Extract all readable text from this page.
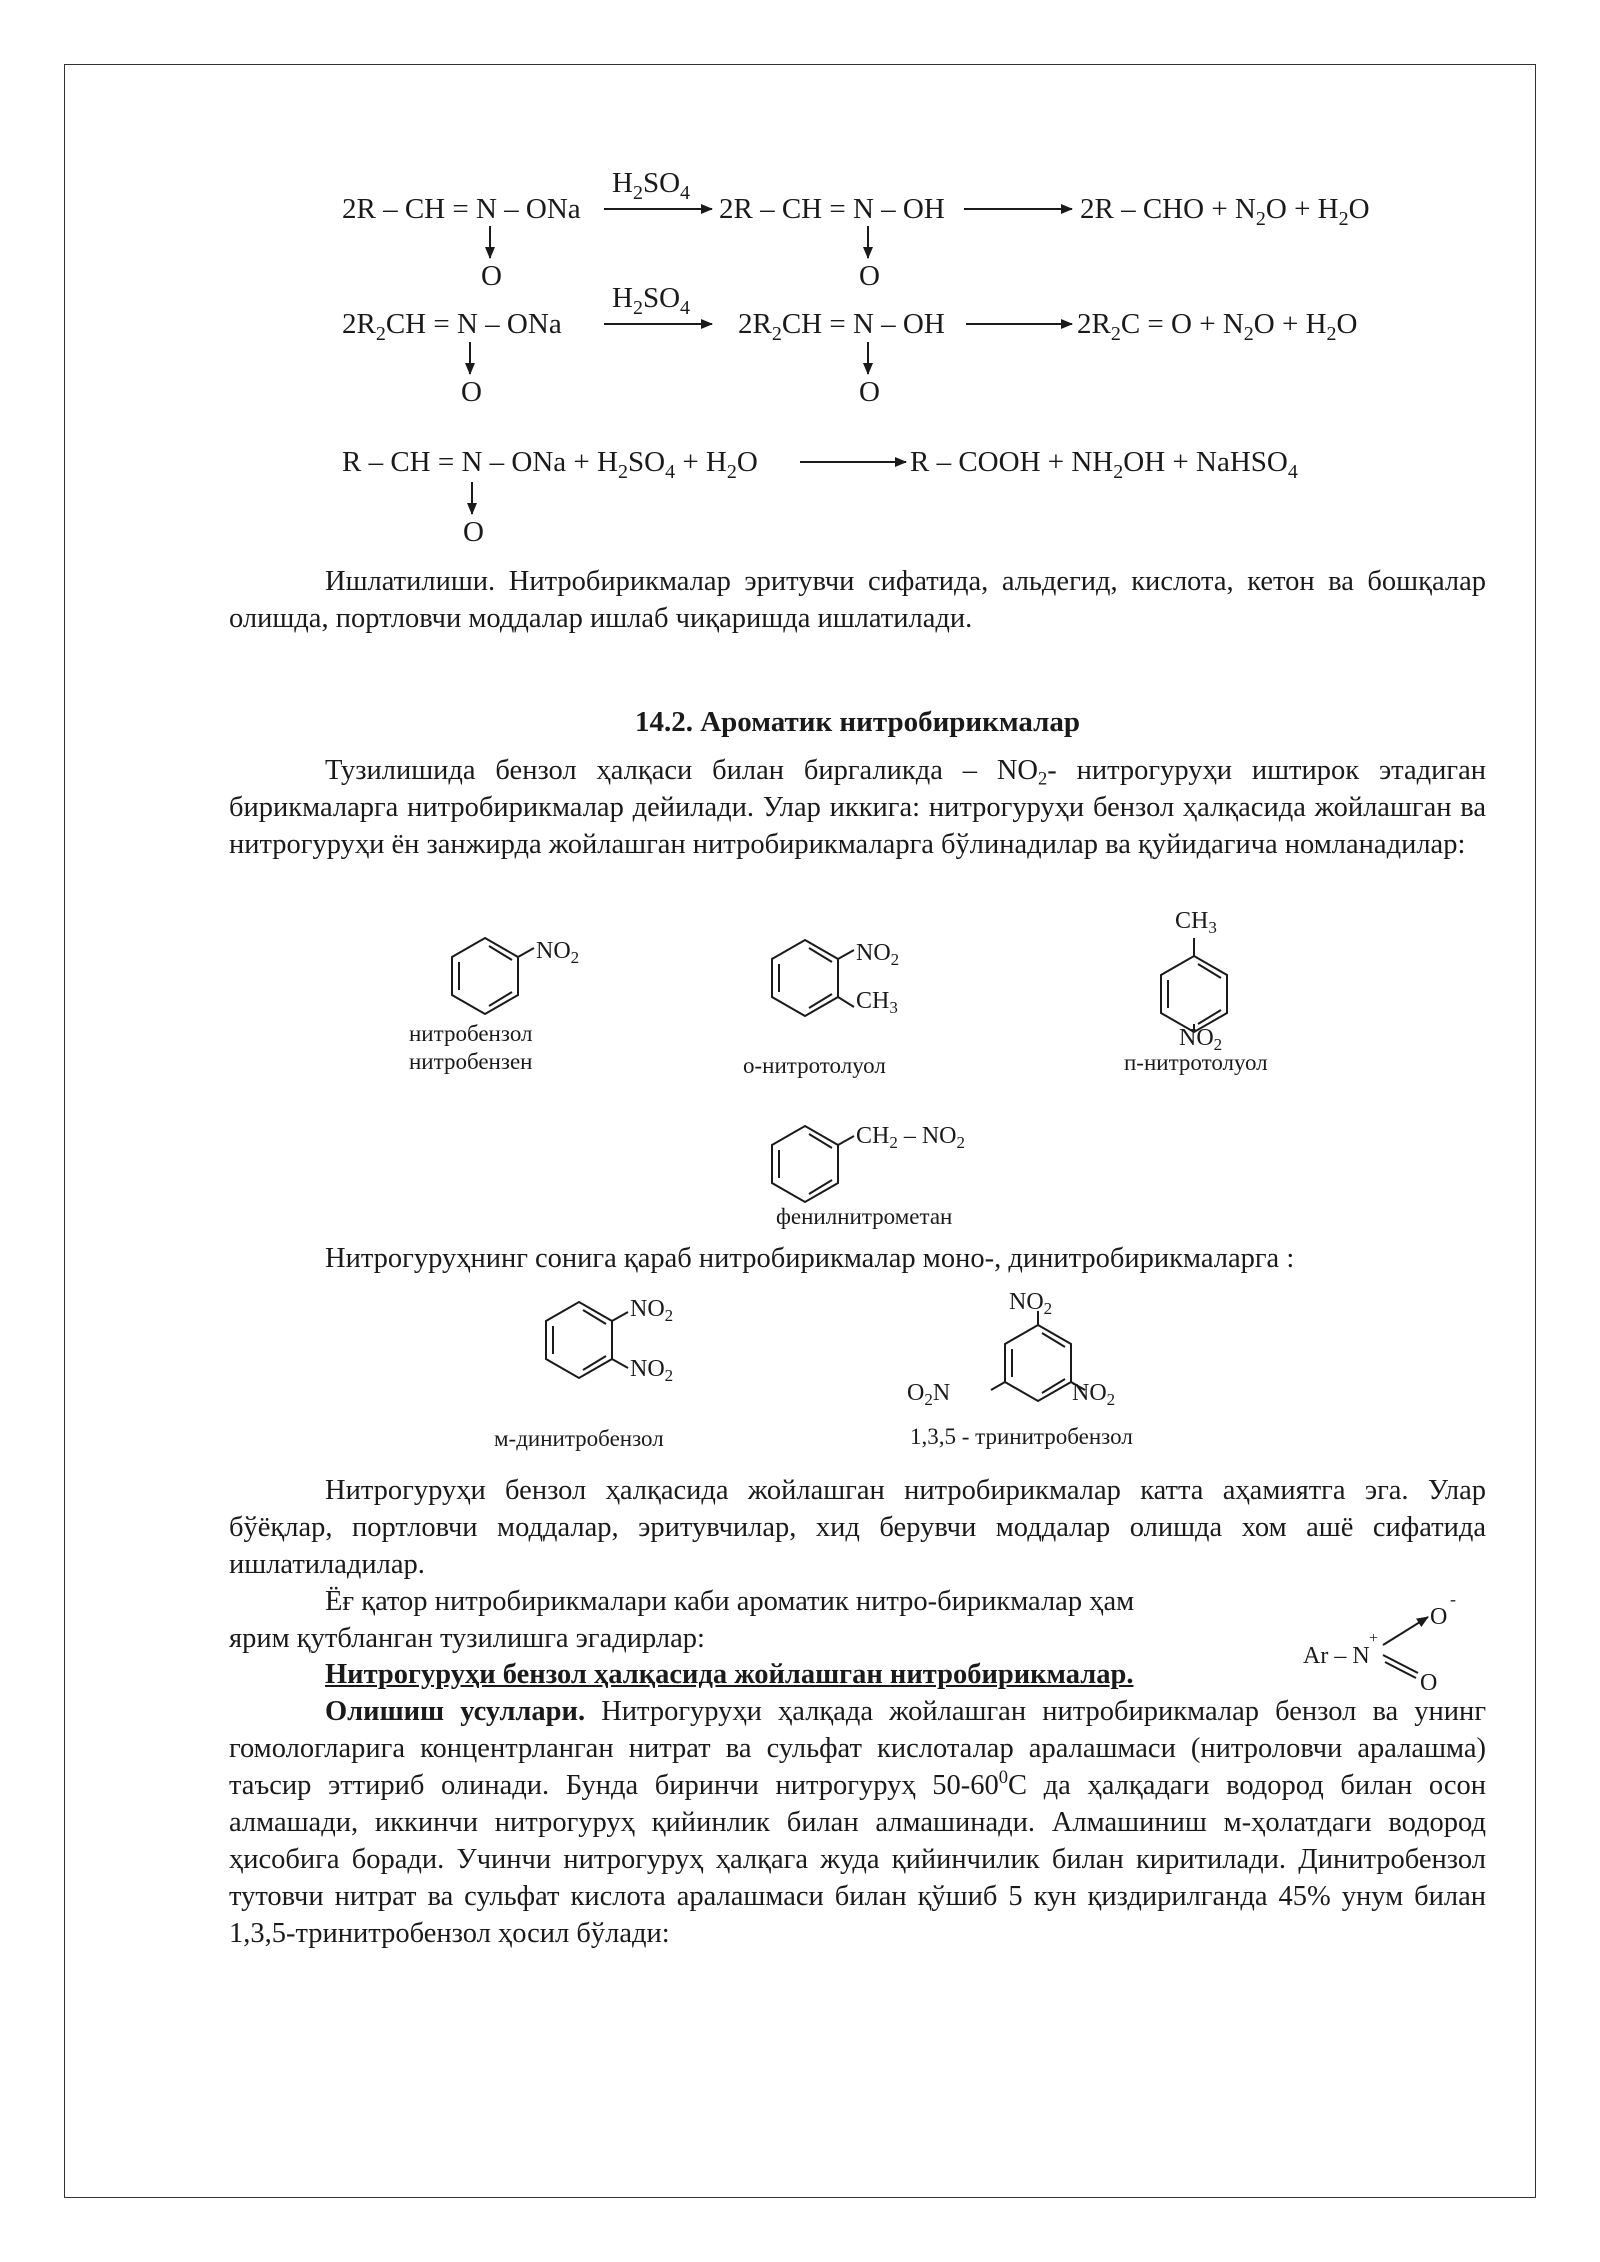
2R – CH = N – ONa
$H_2SO_4$ 2R – CH = N – OH	2R – CHO + $N_2O + H_2O$
O	O
$2R_2CH = N$ – ONa
$H_2SO_4$ $2R_2CH = N$ – OH	$2R_2C = O + N_2O + H_2O$
O	O
R – CH = N – ONa + $H_2SO_4 + H_2O$	R – COOH + $NH_2OH$ + NaHSO$_4$
O

Ишлатилиши. Нитробирикмалар эритувчи сифатида, альдегид, кислота, кетон ва бошқалар олишда, портловчи моддалар ишлаб чиқаришда ишлатилади.

14.2. Ароматик нитробирикмалар

Тузилишида бензол ҳалқаси билан биргаликда – $NO_2-$ нитрогуруҳи иштирок этадиган бирикмаларга нитробирикмалар дейилади. Улар иккига: нитрогуруҳи бензол ҳалқасида жойлашган ва нитрогуруҳи ён занжирда жойлашган нитробирикмаларга бўлинадилар ва қуйидагича номланадилар:

$NO_2$
нитробензол
нитробензен
$NO_2$
$CH_3$
о-нитротолуол
$CH_3$
$NO_2$
п-нитротолуол
$CH_2 - NO_2$
фенилнитрометан
$NO_2$
$NO_2$
м-динитробензол
$NO_2$
$O_2N$	$NO_2$
1,3,5 - тринитробензол
Ar – N
+
O
-
O

Нитрогуруҳнинг сонига қараб нитробирикмалар моно-, динитробирикмаларга :

Нитрогуруҳи бензол ҳалқасида жойлашган нитробирикмалар катта аҳамиятга эга. Улар бўёқлар, портловчи моддалар, эритувчилар, хид берувчи моддалар олишда хом ашё сифатида ишлатиладилар.

Ёғ қатор нитробирикмалари каби ароматик нитро-бирикмалар ҳам

ярим қутбланган тузилишга эгадирлар:

Нитрогуруҳи бензол ҳалқасида жойлашган нитробирикмалар.

Олишиш усуллари. Нитрогуруҳи ҳалқада жойлашган нитробирикмалар бензол ва унинг гомологларига концентрланган нитрат ва сульфат кислоталар аралашмаси (нитроловчи аралашма) таъсир эттириб олинади. Бунда биринчи нитрогуруҳ $50-60^0С$ да ҳалқадаги водород билан осон алмашади, иккинчи нитрогуруҳ қийинлик билан алмашинади. Алмашиниш м-ҳолатдаги водород ҳисобига боради. Учинчи нитрогуруҳ ҳалқага жуда қийинчилик билан киритилади. Динитробензол тутовчи нитрат ва сульфат кислота аралашмаси билан қўшиб 5 кун қиздирилганда 45% унум билан 1,3,5-тринитробензол ҳосил бўлади:
